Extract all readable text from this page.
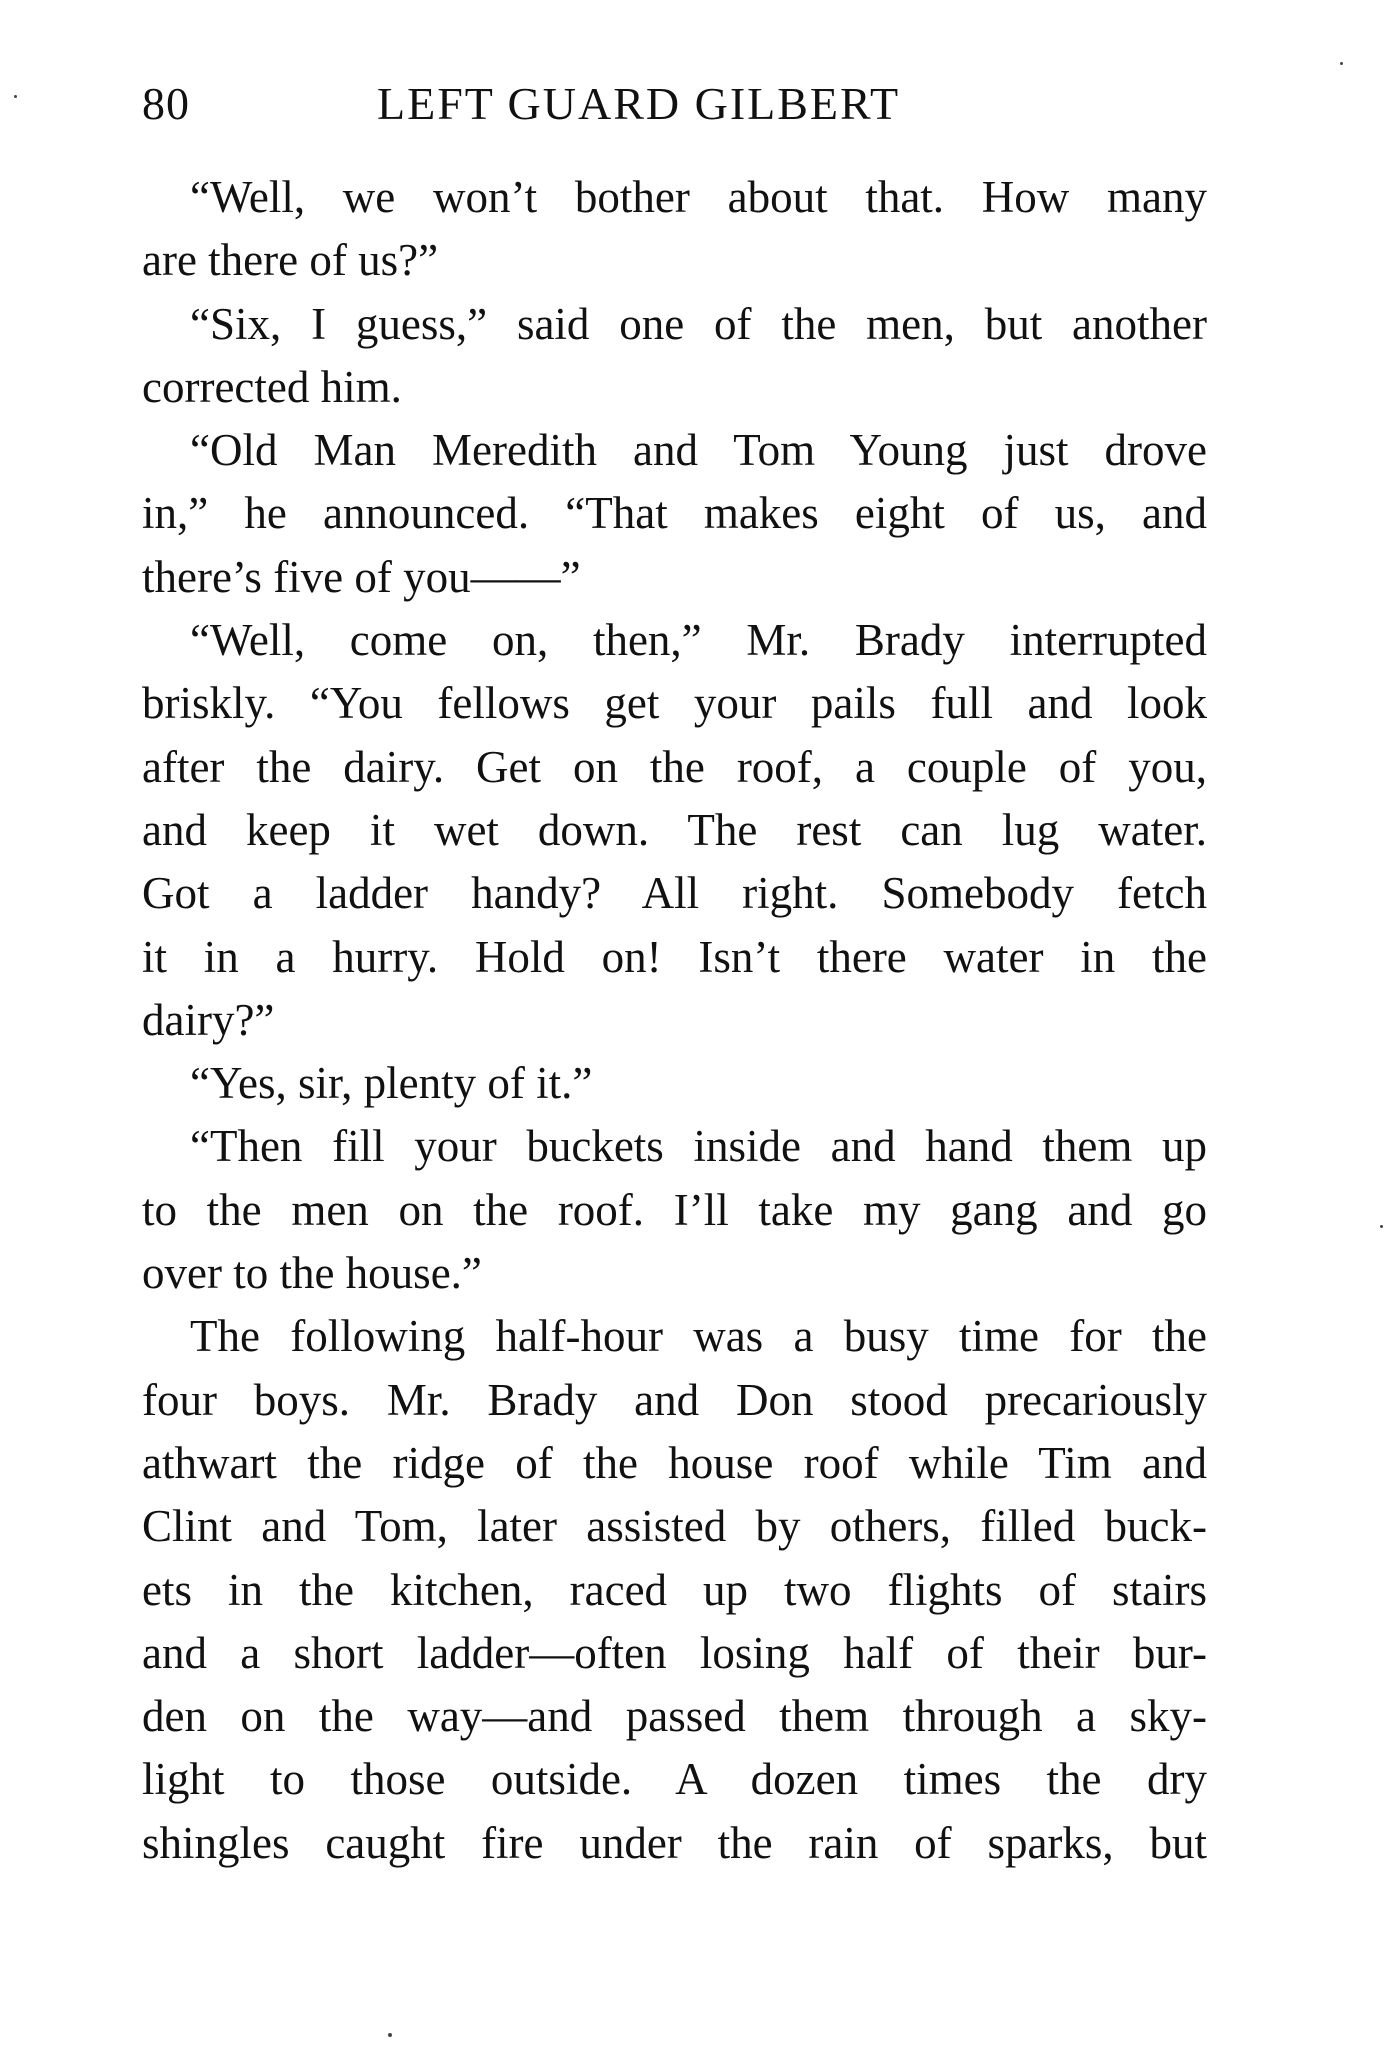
80	LEFT GUARD GILBERT
“Well, we won’t bother about that. How many
are there of us?”
“Six, I guess,” said one of the men, but another
corrected him.
“Old Man Meredith and Tom Young just drove
in,” he announced. “That makes eight of us, and
there’s five of you——”
“Well, come on, then,” Mr. Brady interrupted
briskly. “You fellows get your pails full and look
after the dairy. Get on the roof, a couple of you,
and keep it wet down. The rest can lug water.
Got a ladder handy? All right. Somebody fetch
it in a hurry. Hold on! Isn’t there water in the
dairy?”
“Yes, sir, plenty of it.”
“Then fill your buckets inside and hand them up
to the men on the roof. I’ll take my gang and go
over to the house.”
The following half-hour was a busy time for the
four boys. Mr. Brady and Don stood precariously
athwart the ridge of the house roof while Tim and
Clint and Tom, later assisted by others, filled buck-
ets in the kitchen, raced up two flights of stairs
and a short ladder—often losing half of their bur-
den on the way—and passed them through a sky-
light to those outside. A dozen times the dry
shingles caught fire under the rain of sparks, but
